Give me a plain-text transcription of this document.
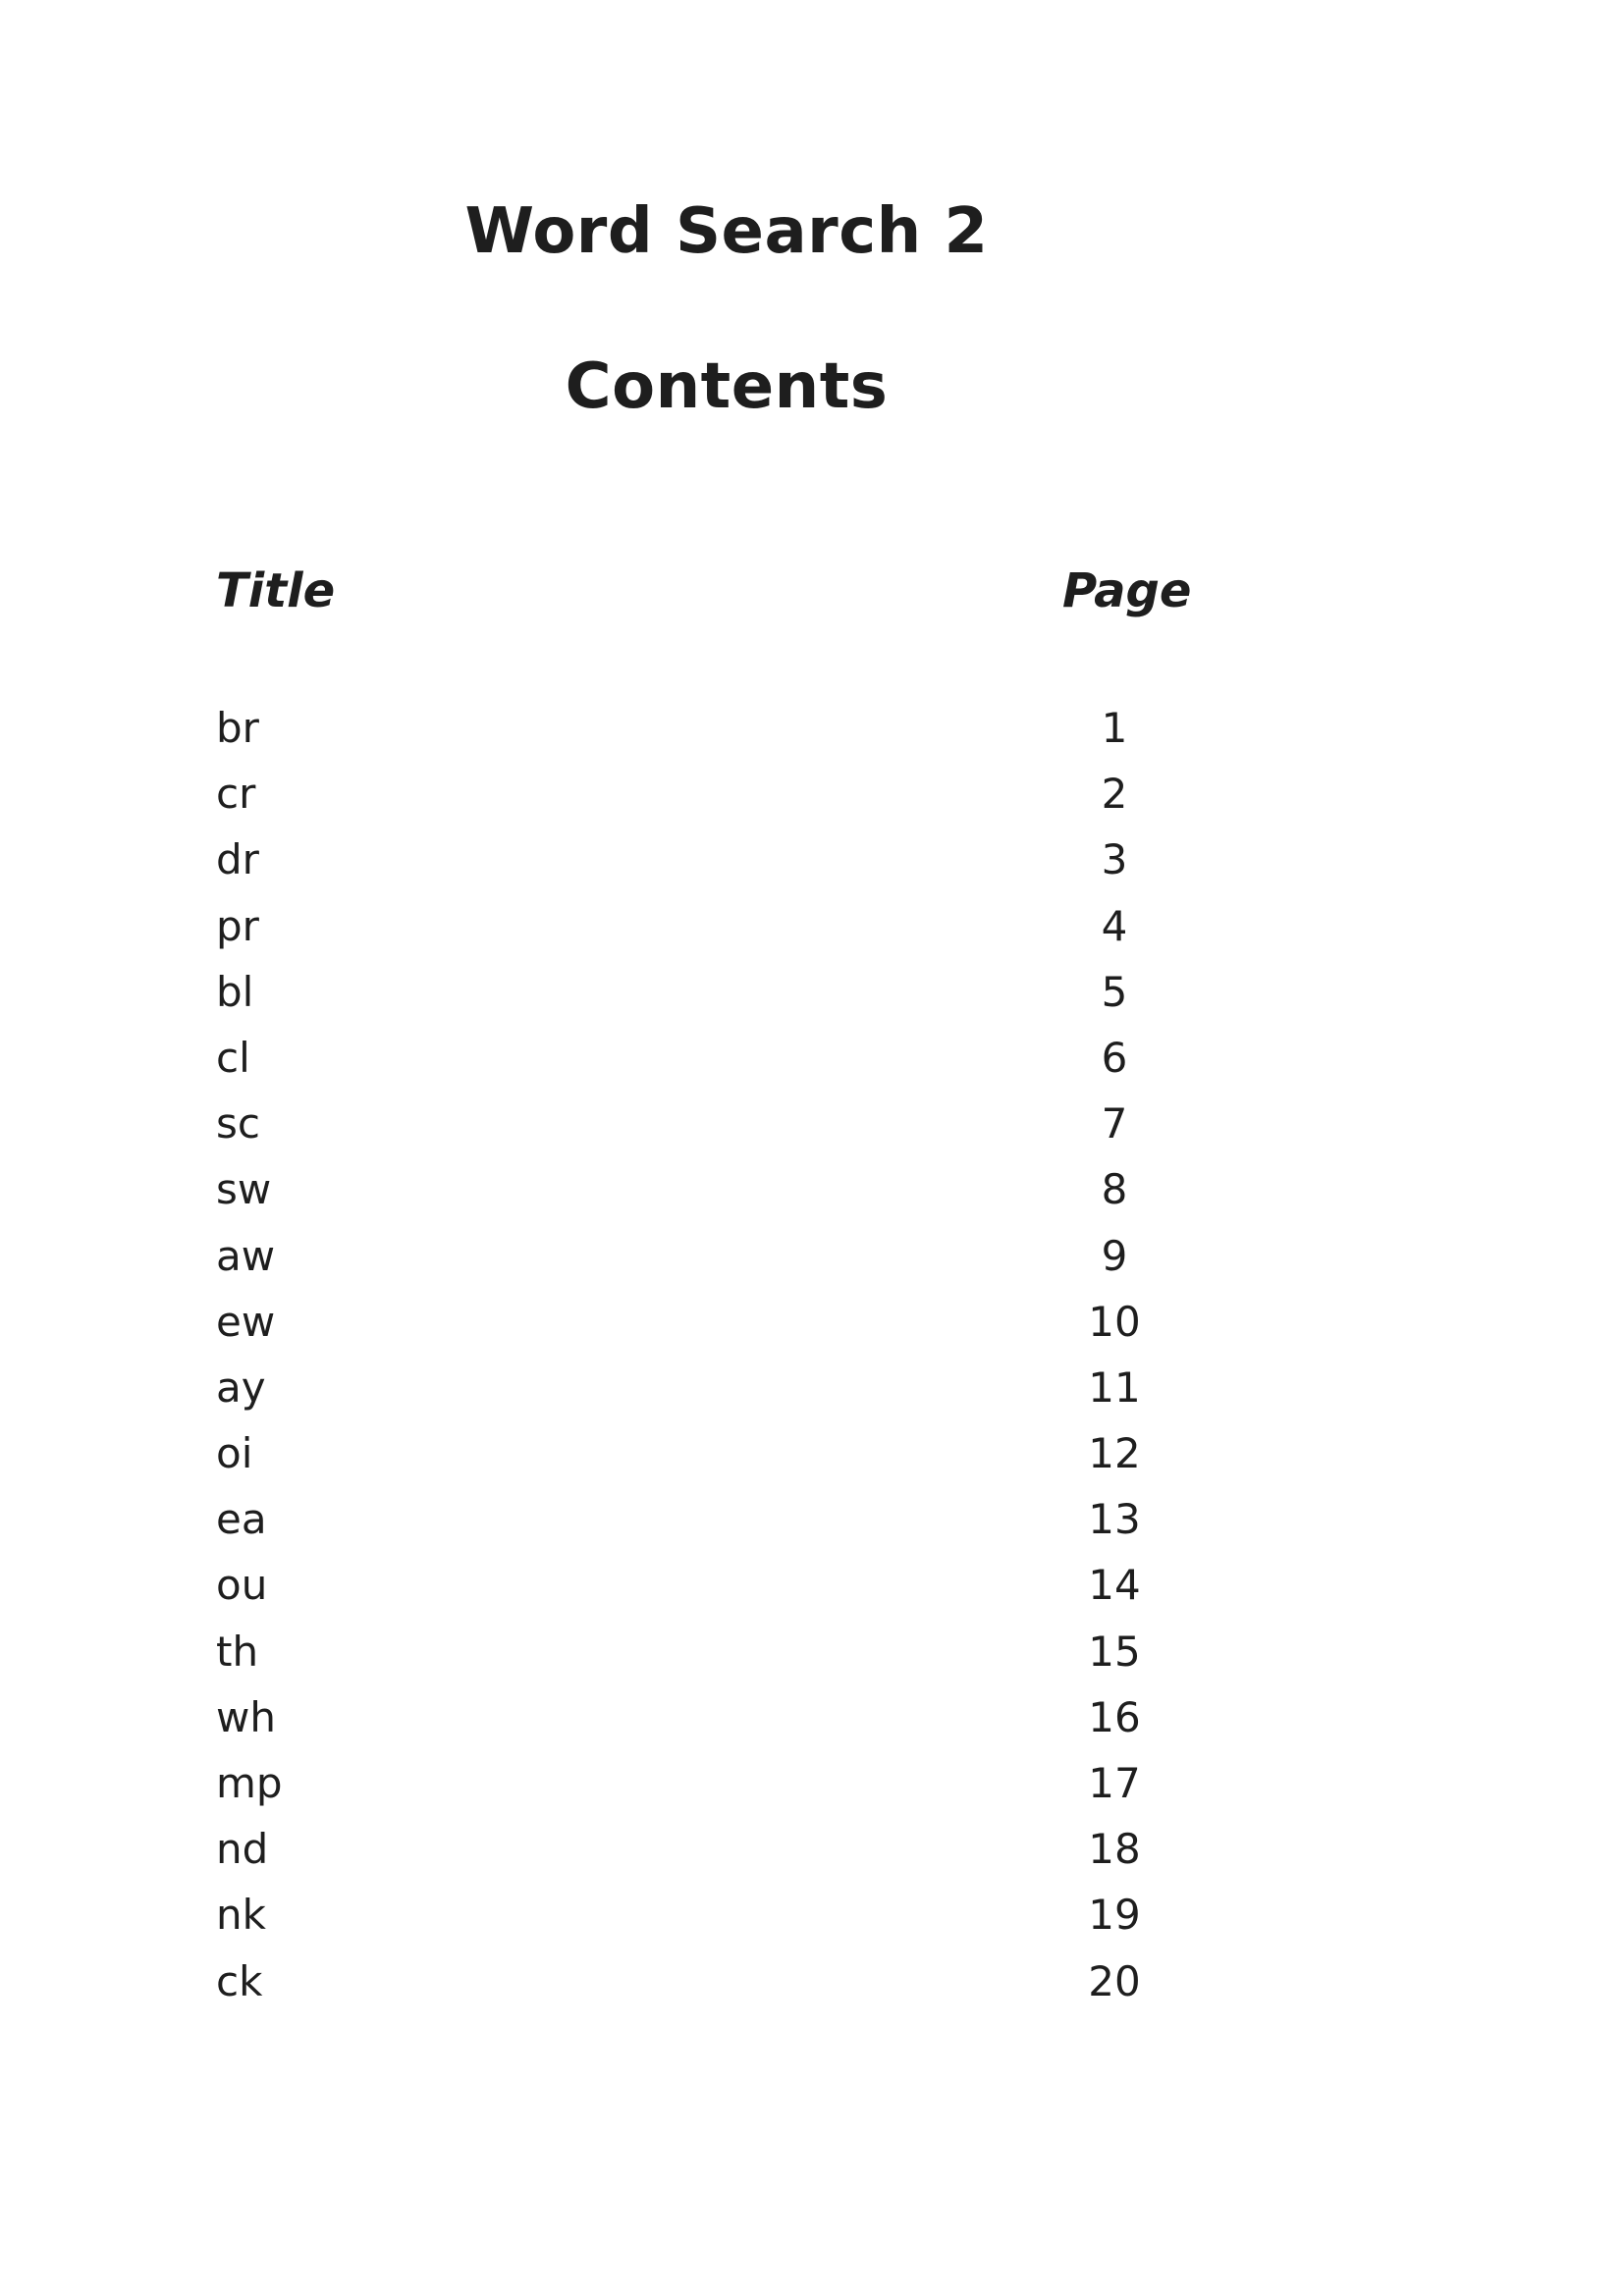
Word Search 2
Contents
Title	Page
br	1
cr	2
dr	3
pr	4
bl	5
cl	6
sc	7
sw	8
aw	9
ew	10
ay	11
oi	12
ea	13
ou	14
th	15
wh	16
mp	17
nd	18
nk	19
ck	20
